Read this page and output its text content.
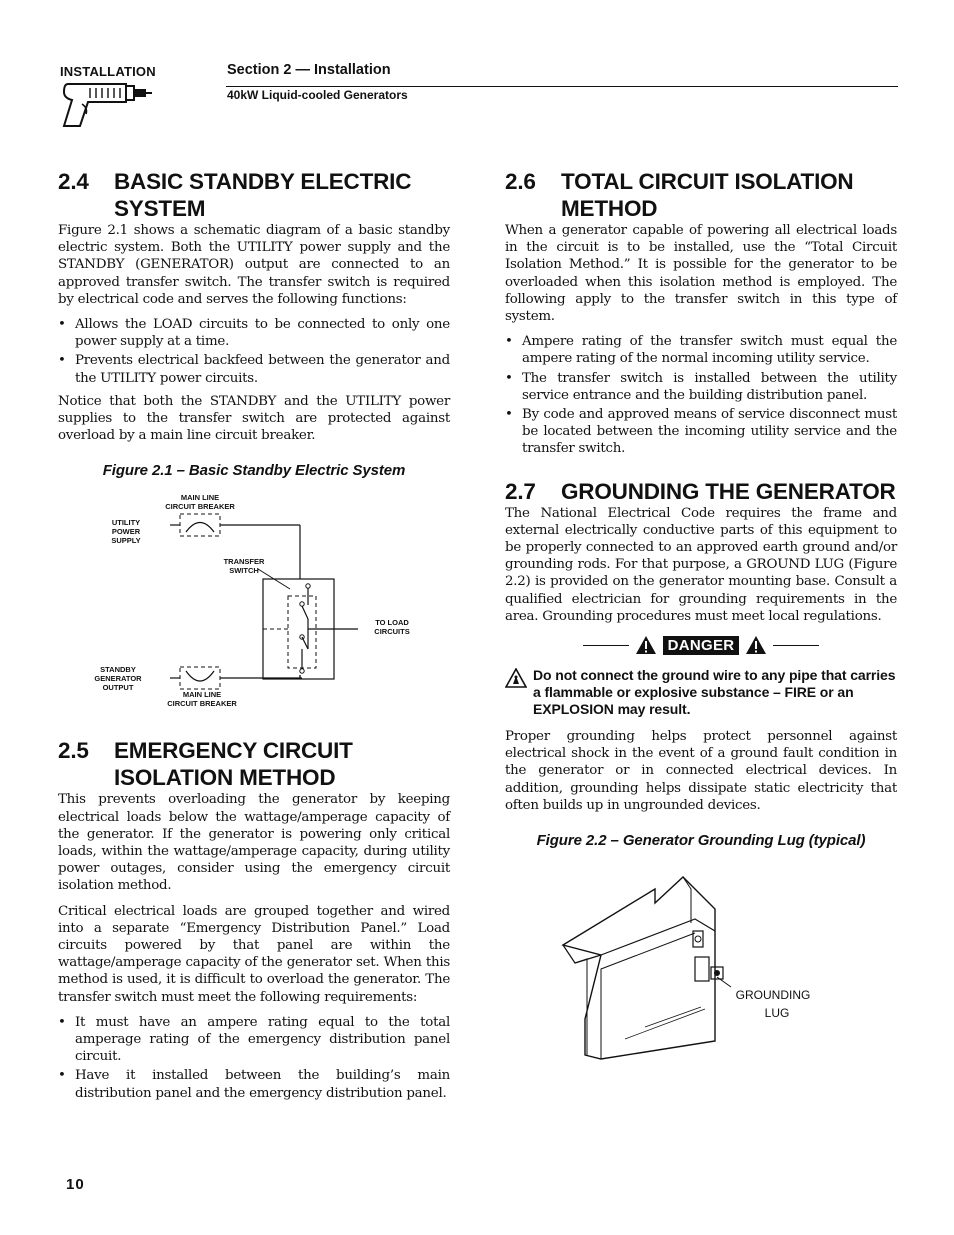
INSTALLATION	Section 2 — Installation
40kW Liquid-cooled Generators
2.4	BASIC STANDBY ELECTRIC SYSTEM

Figure 2.1 shows a schematic diagram of a basic standby electric system. Both the UTILITY power supply and the STANDBY (GENERATOR) output are connected to an approved transfer switch. The transfer switch is required by electrical code and serves the following functions:

• Allows the LOAD circuits to be connected to only one power supply at a time.
• Prevents electrical backfeed between the generator and the UTILITY power circuits.

Notice that both the STANDBY and the UTILITY power supplies to the transfer switch are protected against overload by a main line circuit breaker.

Figure 2.1 – Basic Standby Electric System
MAIN LINE
CIRCUIT BREAKER
UTILITY
POWER
SUPPLY
TRANSFER
SWITCH
TO LOAD
CIRCUITS
STANDBY
GENERATOR
OUTPUT
MAIN LINE
CIRCUIT BREAKER
2.5	EMERGENCY CIRCUIT ISOLATION METHOD

This prevents overloading the generator by keeping electrical loads below the wattage/amperage capacity of the generator. If the generator is powering only critical loads, within the wattage/amperage capacity, during utility power outages, consider using the emergency circuit isolation method.

Critical electrical loads are grouped together and wired into a separate “Emergency Distribution Panel.” Load circuits powered by that panel are within the wattage/amperage capacity of the generator set. When this method is used, it is difficult to overload the generator. The transfer switch must meet the following requirements:

• It must have an ampere rating equal to the total amperage rating of the emergency distribution panel circuit.
• Have it installed between the building’s main distribution panel and the emergency distribution panel.
2.6	TOTAL CIRCUIT ISOLATION METHOD

When a generator capable of powering all electrical loads in the circuit is to be installed, use the “Total Circuit Isolation Method.” It is possible for the generator to be overloaded when this isolation method is employed. The following apply to the transfer switch in this type of system.

• Ampere rating of the transfer switch must equal the ampere rating of the normal incoming utility service.
• The transfer switch is installed between the utility service entrance and the building distribution panel.
• By code and approved means of service disconnect must be located between the incoming utility service and the transfer switch.
2.7	GROUNDING THE GENERATOR

The National Electrical Code requires the frame and external electrically conductive parts of this equipment to be properly connected to an approved earth ground and/or grounding rods. For that purpose, a GROUND LUG (Figure 2.2) is provided on the generator mounting base. Consult a qualified electrician for grounding requirements in the area. Grounding procedures must meet local regulations.

DANGER
Do not connect the ground wire to any pipe that carries a flammable or explosive substance – FIRE or an EXPLOSION may result.

Proper grounding helps protect personnel against electrical shock in the event of a ground fault condition in the generator or in connected electrical devices. In addition, grounding helps dissipate static electricity that often builds up in ungrounded devices.

Figure 2.2 – Generator Grounding Lug (typical)
GROUNDING
LUG
10
